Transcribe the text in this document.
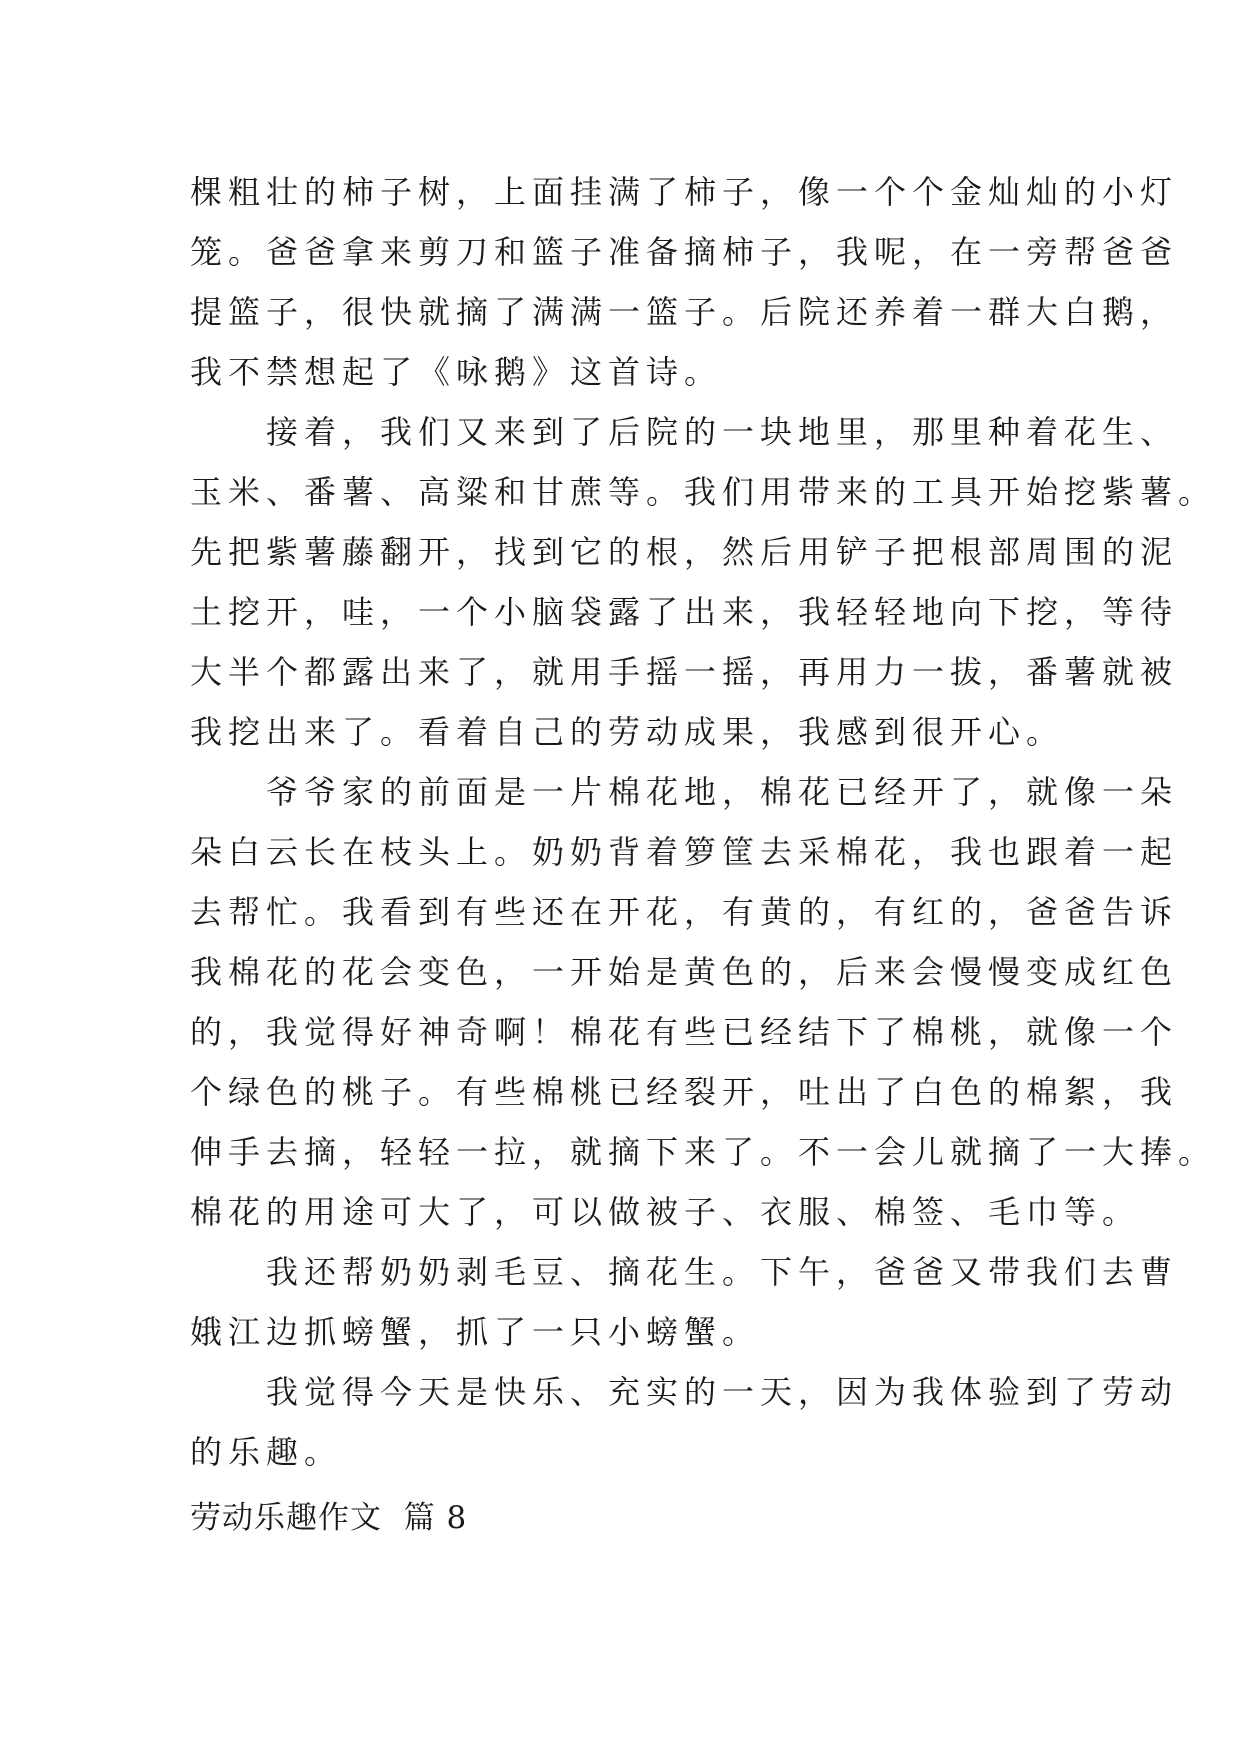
棵粗壮的柿子树，上面挂满了柿子，像一个个金灿灿的小灯
笼。爸爸拿来剪刀和篮子准备摘柿子，我呢，在一旁帮爸爸
提篮子，很快就摘了满满一篮子。后院还养着一群大白鹅，
我不禁想起了《咏鹅》这首诗。
　　接着，我们又来到了后院的一块地里，那里种着花生、
玉米、番薯、高粱和甘蔗等。我们用带来的工具开始挖紫薯。
先把紫薯藤翻开，找到它的根，然后用铲子把根部周围的泥
土挖开，哇，一个小脑袋露了出来，我轻轻地向下挖，等待
大半个都露出来了，就用手摇一摇，再用力一拔，番薯就被
我挖出来了。看着自己的劳动成果，我感到很开心。
　　爷爷家的前面是一片棉花地，棉花已经开了，就像一朵
朵白云长在枝头上。奶奶背着箩筐去采棉花，我也跟着一起
去帮忙。我看到有些还在开花，有黄的，有红的，爸爸告诉
我棉花的花会变色，一开始是黄色的，后来会慢慢变成红色
的，我觉得好神奇啊！棉花有些已经结下了棉桃，就像一个
个绿色的桃子。有些棉桃已经裂开，吐出了白色的棉絮，我
伸手去摘，轻轻一拉，就摘下来了。不一会儿就摘了一大捧。
棉花的用途可大了，可以做被子、衣服、棉签、毛巾等。
　　我还帮奶奶剥毛豆、摘花生。下午，爸爸又带我们去曹
娥江边抓螃蟹，抓了一只小螃蟹。
　　我觉得今天是快乐、充实的一天，因为我体验到了劳动
的乐趣。
劳动乐趣作文  篇 8
